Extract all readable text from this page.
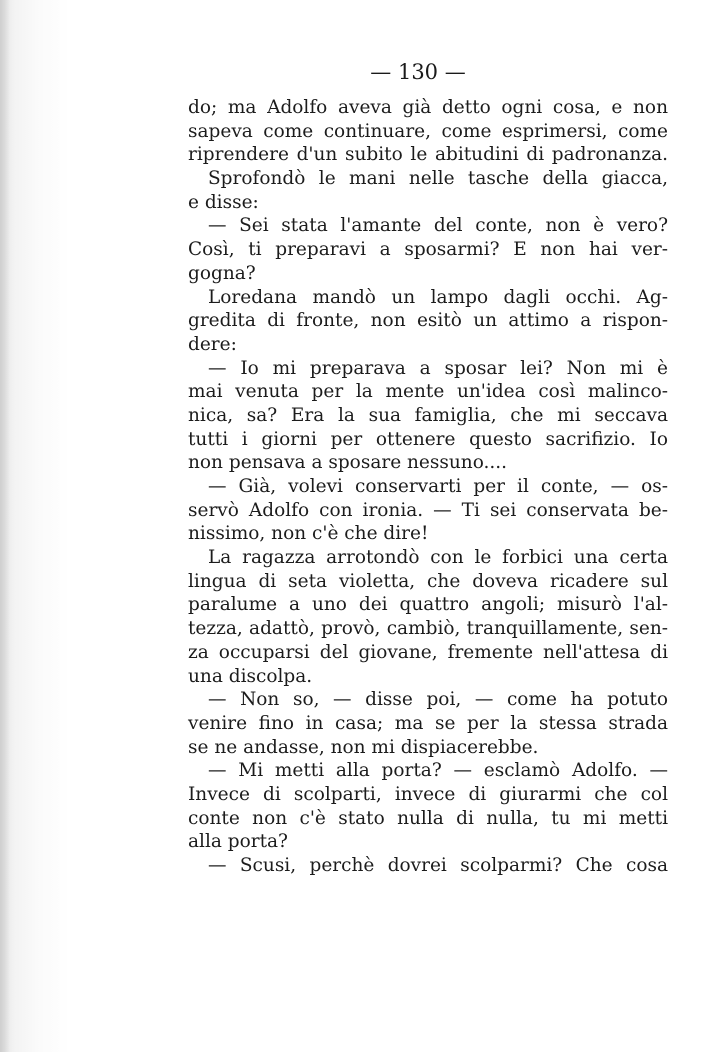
— 130 —
do; ma Adolfo aveva già detto ogni cosa, e non
sapeva come continuare, come esprimersi, come
riprendere d'un subito le abitudini di padronanza.
Sprofondò le mani nelle tasche della giacca,
e disse:
— Sei stata l'amante del conte, non è vero?
Così, ti preparavi a sposarmi? E non hai ver-
gogna?
Loredana mandò un lampo dagli occhi. Ag-
gredita di fronte, non esitò un attimo a rispon-
dere:
— Io mi preparava a sposar lei? Non mi è
mai venuta per la mente un'idea così malinco-
nica, sa? Era la sua famiglia, che mi seccava
tutti i giorni per ottenere questo sacrifizio. Io
non pensava a sposare nessuno....
— Già, volevi conservarti per il conte, — os-
servò Adolfo con ironia. — Ti sei conservata be-
nissimo, non c'è che dire!
La ragazza arrotondò con le forbici una certa
lingua di seta violetta, che doveva ricadere sul
paralume a uno dei quattro angoli; misurò l'al-
tezza, adattò, provò, cambiò, tranquillamente, sen-
za occuparsi del giovane, fremente nell'attesa di
una discolpa.
— Non so, — disse poi, — come ha potuto
venire fino in casa; ma se per la stessa strada
se ne andasse, non mi dispiacerebbe.
— Mi metti alla porta? — esclamò Adolfo. —
Invece di scolparti, invece di giurarmi che col
conte non c'è stato nulla di nulla, tu mi metti
alla porta?
— Scusi, perchè dovrei scolparmi? Che cosa
